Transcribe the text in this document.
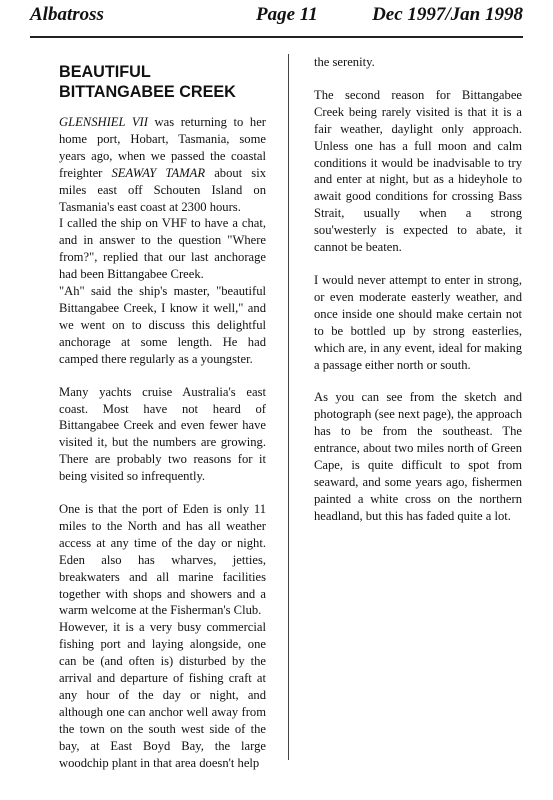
Albatross	Page 11	Dec 1997/Jan 1998
BEAUTIFUL
BITTANGABEE CREEK

GLENSHIEL VII was returning to her home port, Hobart, Tasmania, some years ago, when we passed the coastal freighter SEAWAY TAMAR about six miles east off Schouten Island on Tasmania's east coast at 2300 hours.

I called the ship on VHF to have a chat, and in answer to the question "Where from?", replied that our last anchorage had been Bittangabee Creek.

"Ah" said the ship's master, "beautiful Bittangabee Creek, I know it well," and we went on to discuss this delightful anchorage at some length. He had camped there regularly as a youngster.

Many yachts cruise Australia's east coast. Most have not heard of Bittangabee Creek and even fewer have visited it, but the numbers are growing. There are probably two reasons for it being visited so infrequently.

One is that the port of Eden is only 11 miles to the North and has all weather access at any time of the day or night. Eden also has wharves, jetties, breakwaters and all marine facilities together with shops and showers and a warm welcome at the Fisherman's Club.

However, it is a very busy commercial fishing port and laying alongside, one can be (and often is) disturbed by the arrival and departure of fishing craft at any hour of the day or night, and although one can anchor well away from the town on the south west side of the bay, at East Boyd Bay, the large woodchip plant in that area doesn't help

the serenity.

The second reason for Bittangabee Creek being rarely visited is that it is a fair weather, daylight only approach. Unless one has a full moon and calm conditions it would be inadvisable to try and enter at night, but as a hideyhole to await good conditions for crossing Bass Strait, usually when a strong sou'westerly is expected to abate, it cannot be beaten.

I would never attempt to enter in strong, or even moderate easterly weather, and once inside one should make certain not to be bottled up by strong easterlies, which are, in any event, ideal for making a passage either north or south.

As you can see from the sketch and photograph (see next page), the approach has to be from the southeast. The entrance, about two miles north of Green Cape, is quite difficult to spot from seaward, and some years ago, fishermen painted a white cross on the northern headland, but this has faded quite a lot.
